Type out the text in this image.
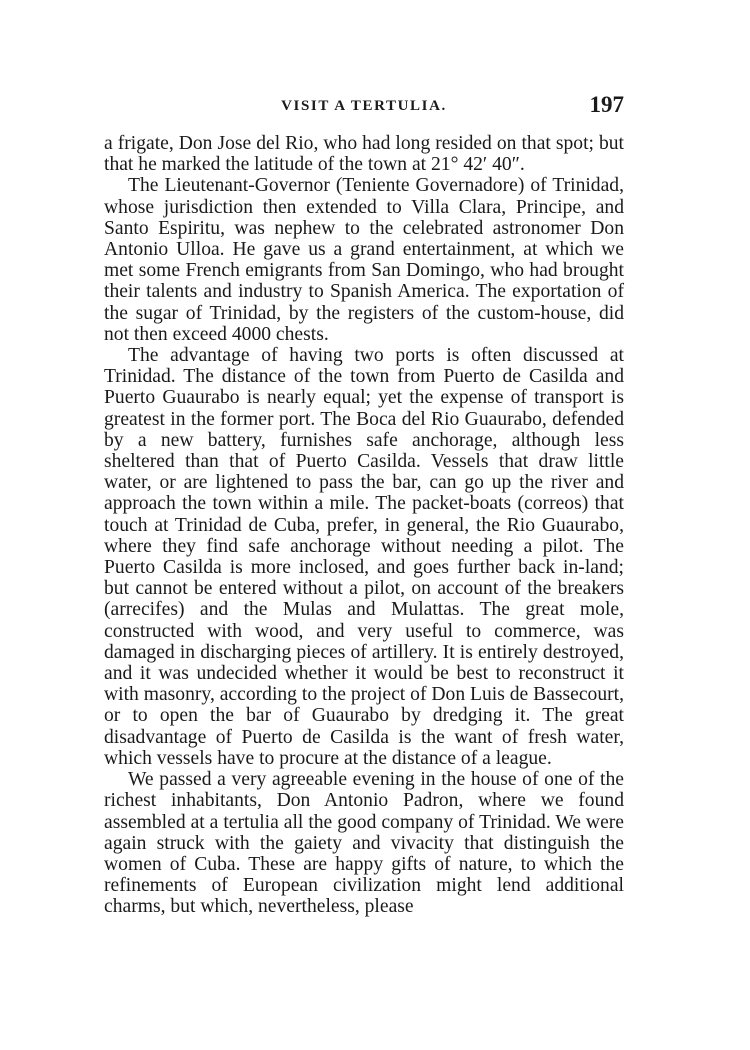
VISIT A TERTULIA.	197

a frigate, Don Jose del Rio, who had long resided on that spot; but that he marked the latitude of the town at 21° 42′ 40″.

The Lieutenant-Governor (Teniente Governadore) of Trinidad, whose jurisdiction then extended to Villa Clara, Principe, and Santo Espiritu, was nephew to the celebrated astronomer Don Antonio Ulloa. He gave us a grand entertainment, at which we met some French emigrants from San Domingo, who had brought their talents and industry to Spanish America. The exportation of the sugar of Trinidad, by the registers of the custom-house, did not then exceed 4000 chests.

The advantage of having two ports is often discussed at Trinidad. The distance of the town from Puerto de Casilda and Puerto Guaurabo is nearly equal; yet the expense of transport is greatest in the former port. The Boca del Rio Guaurabo, defended by a new battery, furnishes safe anchorage, although less sheltered than that of Puerto Casilda. Vessels that draw little water, or are lightened to pass the bar, can go up the river and approach the town within a mile. The packet-boats (correos) that touch at Trinidad de Cuba, prefer, in general, the Rio Guaurabo, where they find safe anchorage without needing a pilot. The Puerto Casilda is more inclosed, and goes further back in-land; but cannot be entered without a pilot, on account of the breakers (arrecifes) and the Mulas and Mulattas. The great mole, constructed with wood, and very useful to commerce, was damaged in discharging pieces of artillery. It is entirely destroyed, and it was undecided whether it would be best to reconstruct it with masonry, according to the project of Don Luis de Bassecourt, or to open the bar of Guaurabo by dredging it. The great disadvantage of Puerto de Casilda is the want of fresh water, which vessels have to procure at the distance of a league.

We passed a very agreeable evening in the house of one of the richest inhabitants, Don Antonio Padron, where we found assembled at a tertulia all the good company of Trinidad. We were again struck with the gaiety and vivacity that distinguish the women of Cuba. These are happy gifts of nature, to which the refinements of European civilization might lend additional charms, but which, nevertheless, please
